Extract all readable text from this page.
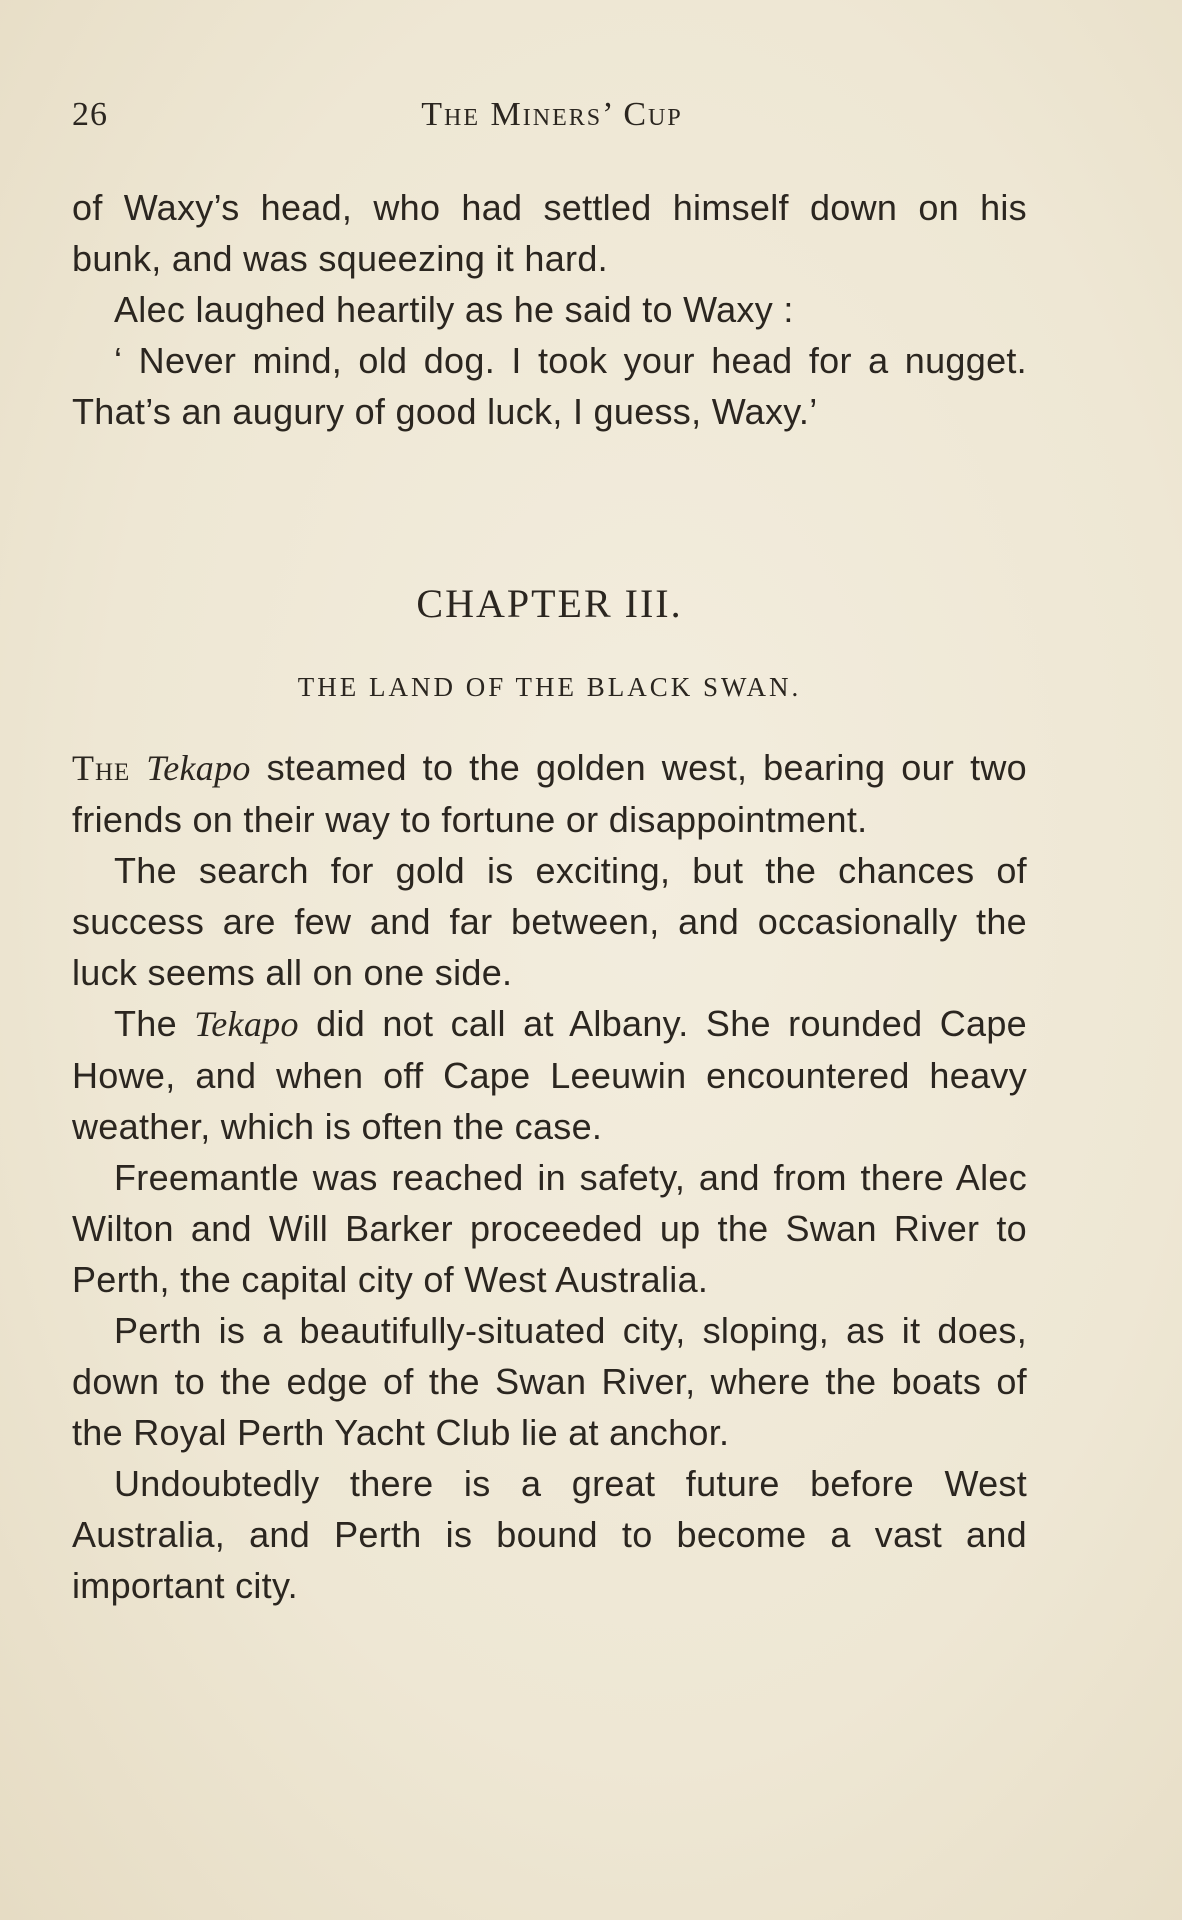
26	The Miners’ Cup

of Waxy’s head, who had settled himself down on his bunk, and was squeezing it hard.

Alec laughed heartily as he said to Waxy :

‘ Never mind, old dog. I took your head for a nugget. That’s an augury of good luck, I guess, Waxy.’

CHAPTER III.
THE LAND OF THE BLACK SWAN.

The Tekapo steamed to the golden west, bearing our two friends on their way to fortune or disappointment.

The search for gold is exciting, but the chances of success are few and far between, and occasionally the luck seems all on one side.

The Tekapo did not call at Albany. She rounded Cape Howe, and when off Cape Leeuwin encountered heavy weather, which is often the case.

Freemantle was reached in safety, and from there Alec Wilton and Will Barker proceeded up the Swan River to Perth, the capital city of West Australia.

Perth is a beautifully-situated city, sloping, as it does, down to the edge of the Swan River, where the boats of the Royal Perth Yacht Club lie at anchor.

Undoubtedly there is a great future before West Australia, and Perth is bound to become a vast and important city.
